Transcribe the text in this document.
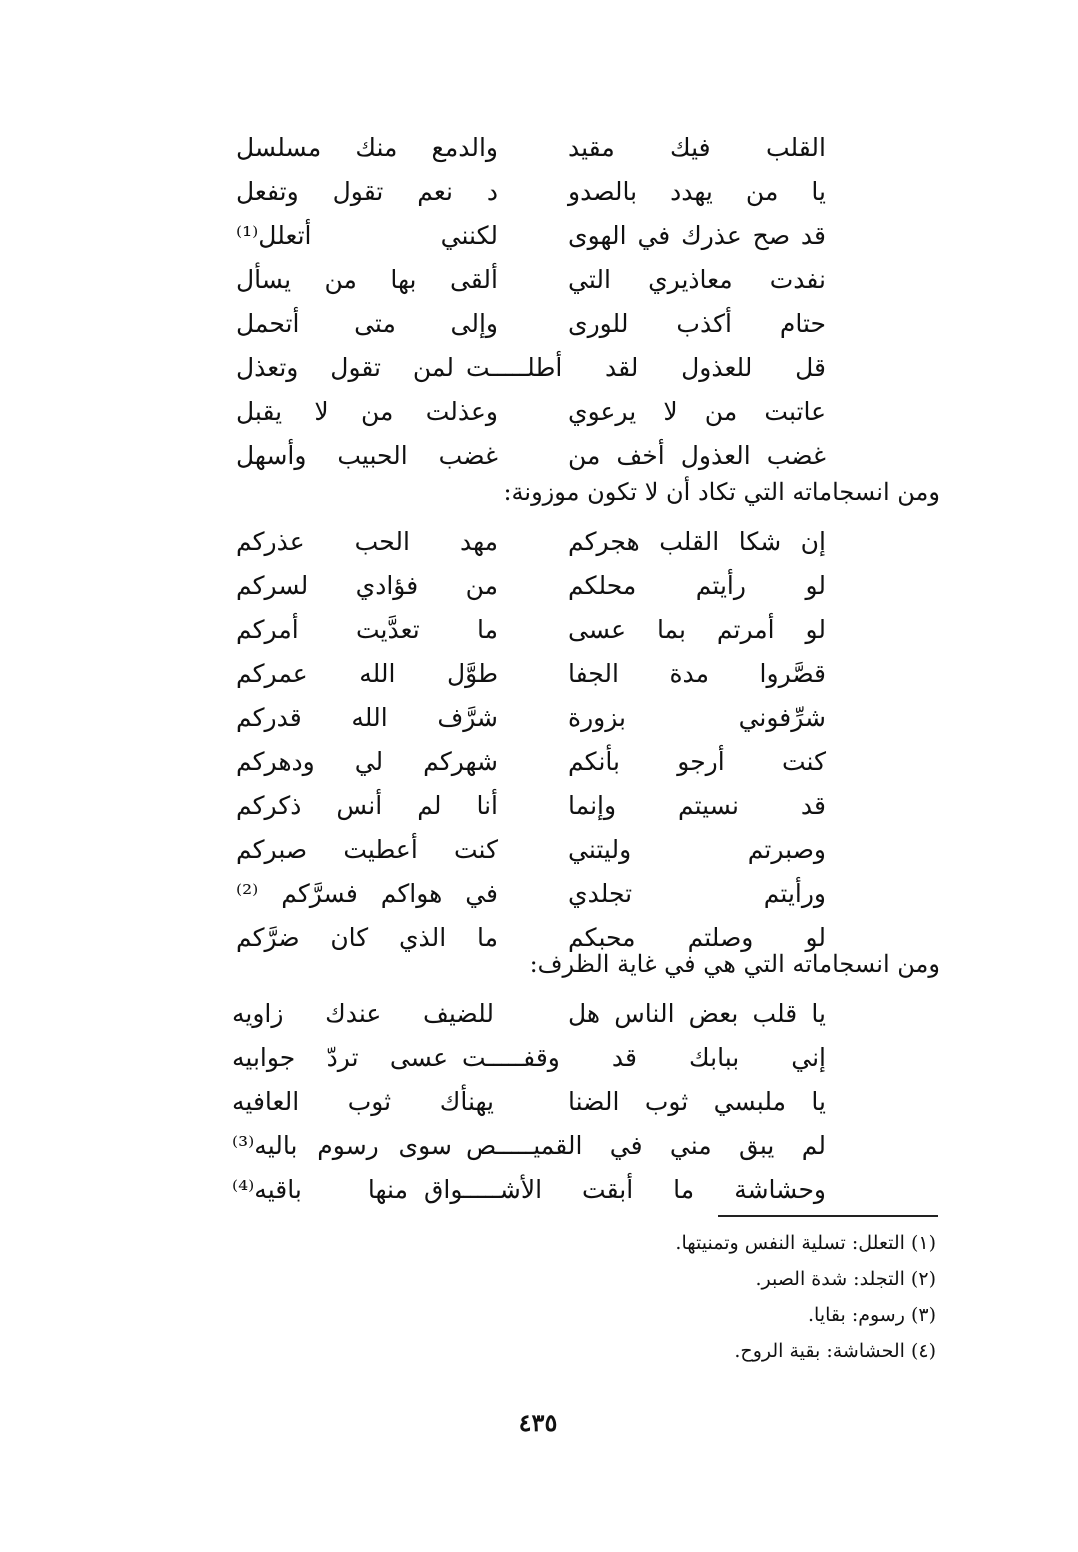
القلب فيك مقيد
والدمع منك مسلسل
يا من يهدد بالصدو
د نعم تقول وتفعل
قد صح عذرك في الهوى
لكنني أتعلل⁽¹⁾
نفدت معاذيري التي
ألقى بها من يسأل
حتام أكذب للورى
وإلى متى أتحمل
قل للعذول لقد أطلـــــت
لمن تقول وتعذل
عاتبت من لا يرعوي
وعذلت من لا يقبل
غضب العذول أخف من
غضب الحبيب وأسهل
ومن انسجاماته التي تكاد أن لا تكون موزونة:
إن شكا القلب هجركم
مهد الحب عذركم
لو رأيتم محلكم
من فؤادي لسركم
لو أمرتم بما عسى
ما تعدَّيت أمركم
قصَّروا مدة الجفا
طوَّل الله عمركم
شرِّفوني بزورة
شرَّف الله قدركم
كنت أرجو بأنكم
شهركم لي ودهركم
قد نسيتم وإنما
أنا لم أنس ذكركم
وصبرتم وليتني
كنت أعطيت صبركم
ورأيتم تجلدي
في هواكم فسرَّكم ⁽²⁾
لو وصلتم محبكم
ما الذي كان ضرَّكم
ومن انسجاماته التي هي في غاية الظرف:
يا قلب بعض الناس هل
للضيف عندك زاويه
إني ببابك قد وقفـــــت
عسى تردّ جوابيه
يا ملبسي ثوب الضنا
يهنأك ثوب العافيه
لم يبق مني في القميـــــص
سوى رسوم باليه⁽³⁾
وحشاشة ما أبقت الأشـــــواق
منها باقيه⁽⁴⁾
(١) التعلل: تسلية النفس وتمنيتها.
(٢) التجلد: شدة الصبر.
(٣) رسوم: بقايا.
(٤) الحشاشة: بقية الروح.
٤٣٥
